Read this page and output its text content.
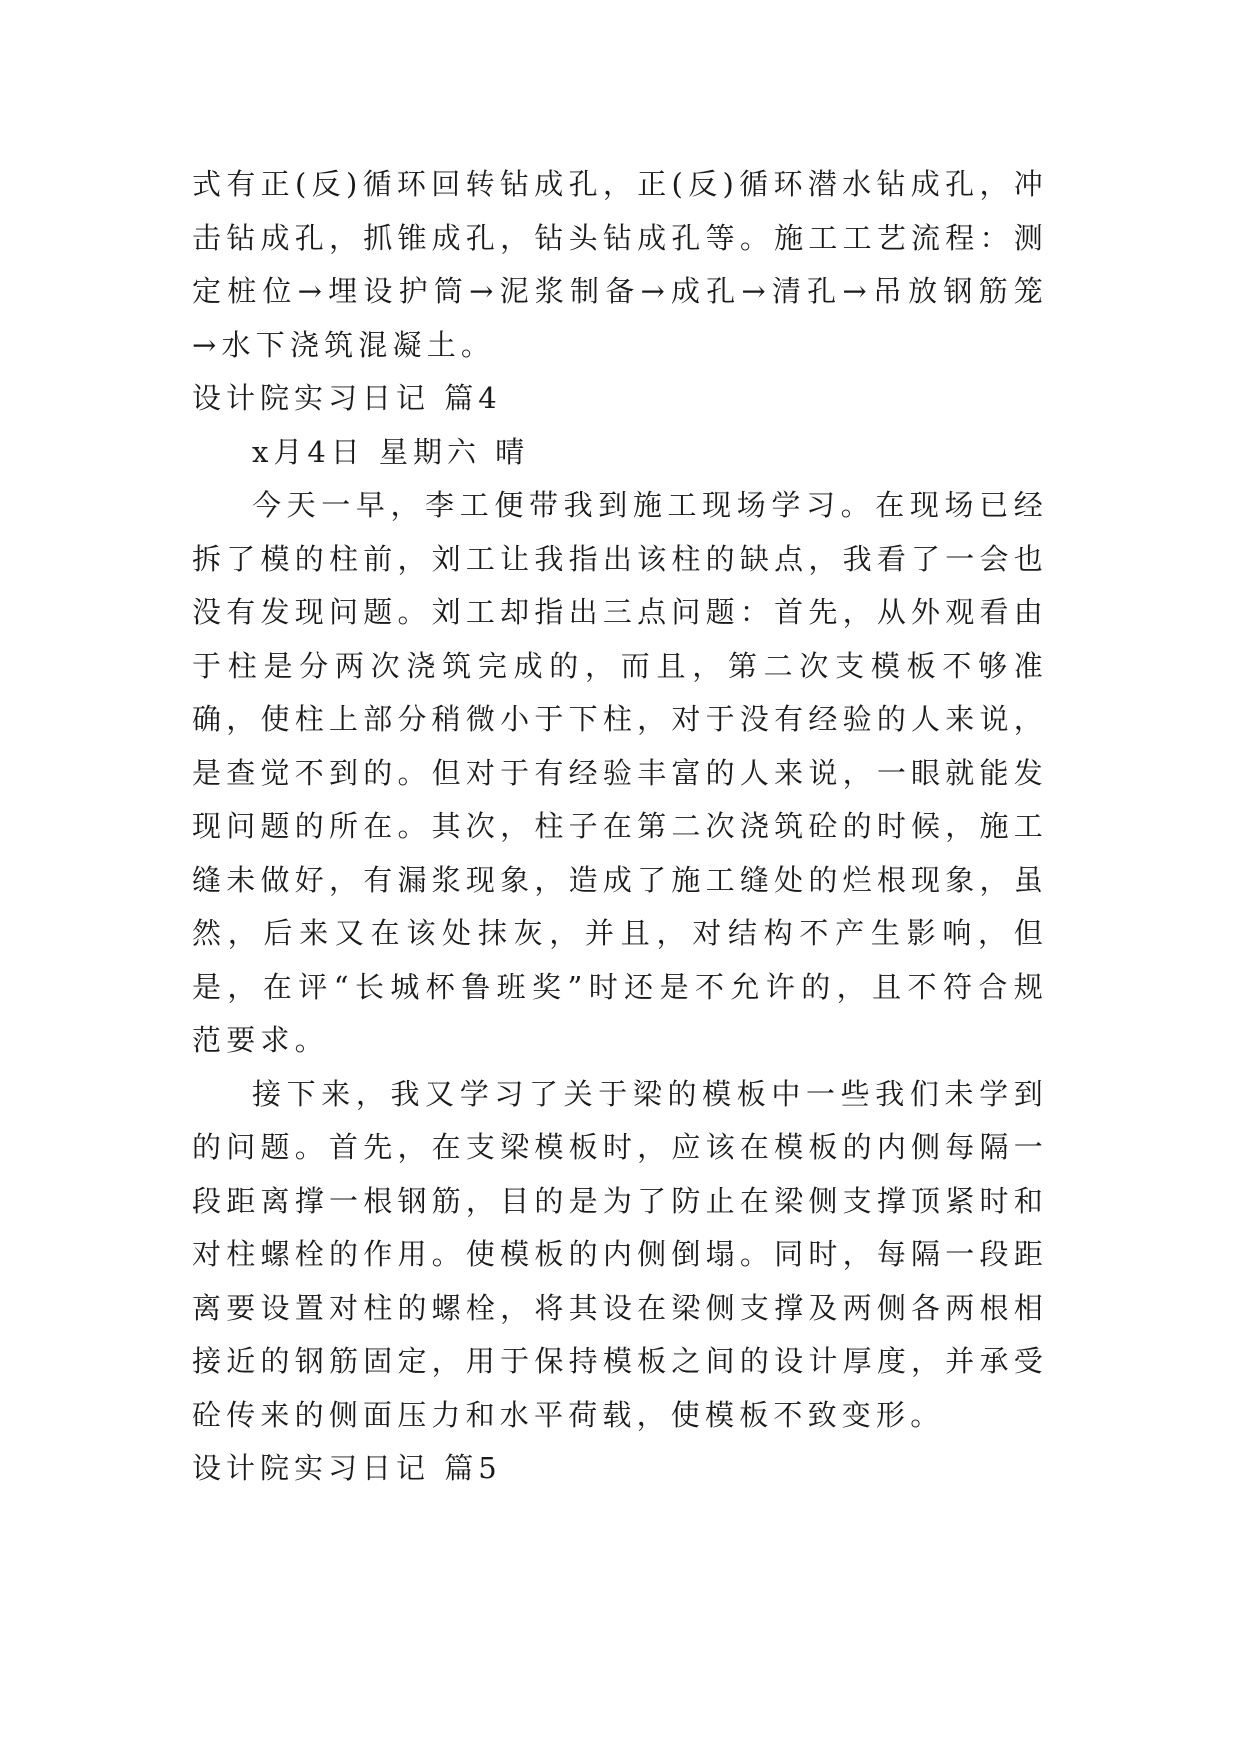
式有正(反)循环回转钻成孔，正(反)循环潜水钻成孔，冲击钻成孔，抓锥成孔，钻头钻成孔等。施工工艺流程：测定桩位→埋设护筒→泥浆制备→成孔→清孔→吊放钢筋笼→水下浇筑混凝土。

设计院实习日记 篇4

x月4日 星期六 晴

今天一早，李工便带我到施工现场学习。在现场已经拆了模的柱前，刘工让我指出该柱的缺点，我看了一会也没有发现问题。刘工却指出三点问题：首先，从外观看由于柱是分两次浇筑完成的，而且，第二次支模板不够准确，使柱上部分稍微小于下柱，对于没有经验的人来说，是查觉不到的。但对于有经验丰富的人来说，一眼就能发现问题的所在。其次，柱子在第二次浇筑砼的时候，施工缝未做好，有漏浆现象，造成了施工缝处的烂根现象，虽然，后来又在该处抹灰，并且，对结构不产生影响，但是，在评“长城杯鲁班奖”时还是不允许的，且不符合规范要求。

接下来，我又学习了关于梁的模板中一些我们未学到的问题。首先，在支梁模板时，应该在模板的内侧每隔一段距离撑一根钢筋，目的是为了防止在梁侧支撑顶紧时和对柱螺栓的作用。使模板的内侧倒塌。同时，每隔一段距离要设置对柱的螺栓，将其设在梁侧支撑及两侧各两根相接近的钢筋固定，用于保持模板之间的设计厚度，并承受砼传来的侧面压力和水平荷载，使模板不致变形。

设计院实习日记 篇5
